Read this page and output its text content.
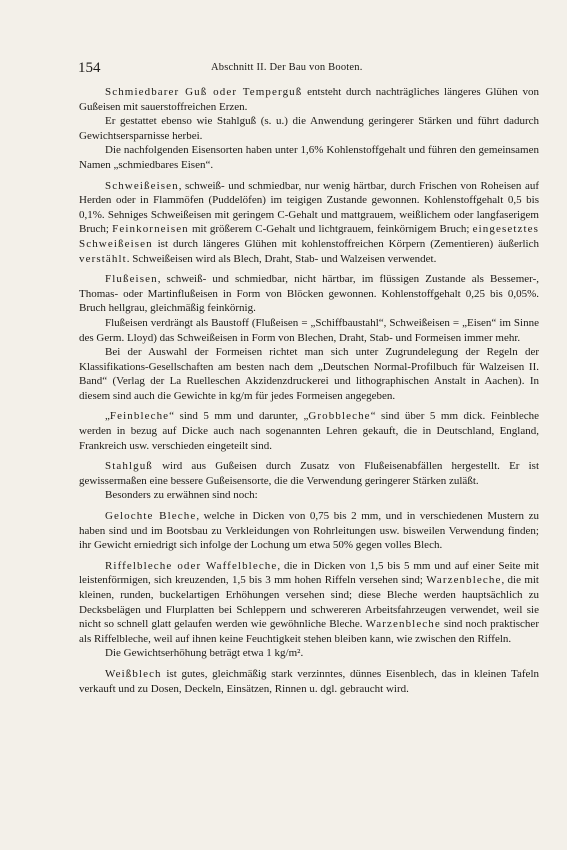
154	Abschnitt II. Der Bau von Booten.

Schmiedbarer Guß oder Temperguß entsteht durch nachträgliches längeres Glühen von Gußeisen mit sauerstoffreichen Erzen.

Er gestattet ebenso wie Stahlguß (s. u.) die Anwendung geringerer Stärken und führt dadurch Gewichtsersparnisse herbei.

Die nachfolgenden Eisensorten haben unter 1,6% Kohlenstoffgehalt und führen den gemeinsamen Namen „schmiedbares Eisen“.

Schweißeisen, schweiß- und schmiedbar, nur wenig härtbar, durch Frischen von Roheisen auf Herden oder in Flammöfen (Puddelöfen) im teigigen Zustande gewonnen. Kohlenstoffgehalt 0,5 bis 0,1%. Sehniges Schweißeisen mit geringem C-Gehalt und mattgrauem, weißlichem oder langfaserigem Bruch; Feinkorneisen mit größerem C-Gehalt und lichtgrauem, feinkörnigem Bruch; eingesetztes Schweißeisen ist durch längeres Glühen mit kohlenstoffreichen Körpern (Zementieren) äußerlich verstählt. Schweißeisen wird als Blech, Draht, Stab- und Walzeisen verwendet.

Flußeisen, schweiß- und schmiedbar, nicht härtbar, im flüssigen Zustande als Bessemer-, Thomas- oder Martinflußeisen in Form von Blöcken gewonnen. Kohlenstoffgehalt 0,25 bis 0,05%. Bruch hellgrau, gleichmäßig feinkörnig.

Flußeisen verdrängt als Baustoff (Flußeisen = „Schiffbaustahl“, Schweißeisen = „Eisen“ im Sinne des Germ. Lloyd) das Schweißeisen in Form von Blechen, Draht, Stab- und Formeisen immer mehr.

Bei der Auswahl der Formeisen richtet man sich unter Zugrundelegung der Regeln der Klassifikations-Gesellschaften am besten nach dem „Deutschen Normal-Profilbuch für Walzeisen II. Band“ (Verlag der La Ruelleschen Akzidenzdruckerei und lithographischen Anstalt in Aachen). In diesem sind auch die Gewichte in kg/m für jedes Formeisen angegeben.

„Feinbleche“ sind 5 mm und darunter, „Grobbleche“ sind über 5 mm dick. Feinbleche werden in bezug auf Dicke auch nach sogenannten Lehren gekauft, die in Deutschland, England, Frankreich usw. verschieden eingeteilt sind.

Stahlguß wird aus Gußeisen durch Zusatz von Flußeisenabfällen hergestellt. Er ist gewissermaßen eine bessere Gußeisensorte, die die Verwendung geringerer Stärken zuläßt.

Besonders zu erwähnen sind noch:

Gelochte Bleche, welche in Dicken von 0,75 bis 2 mm, und in verschiedenen Mustern zu haben sind und im Bootsbau zu Verkleidungen von Rohrleitungen usw. bisweilen Verwendung finden; ihr Gewicht erniedrigt sich infolge der Lochung um etwa 50% gegen volles Blech.

Riffelbleche oder Waffelbleche, die in Dicken von 1,5 bis 5 mm und auf einer Seite mit leistenförmigen, sich kreuzenden, 1,5 bis 3 mm hohen Riffeln versehen sind; Warzenbleche, die mit kleinen, runden, buckelartigen Erhöhungen versehen sind; diese Bleche werden hauptsächlich zu Decksbelägen und Flurplatten bei Schleppern und schwereren Arbeitsfahrzeugen verwendet, weil sie nicht so schnell glatt gelaufen werden wie gewöhnliche Bleche. Warzenbleche sind noch praktischer als Riffelbleche, weil auf ihnen keine Feuchtigkeit stehen bleiben kann, wie zwischen den Riffeln.

Die Gewichtserhöhung beträgt etwa 1 kg/m².

Weißblech ist gutes, gleichmäßig stark verzinntes, dünnes Eisenblech, das in kleinen Tafeln verkauft und zu Dosen, Deckeln, Einsätzen, Rinnen u. dgl. gebraucht wird.
